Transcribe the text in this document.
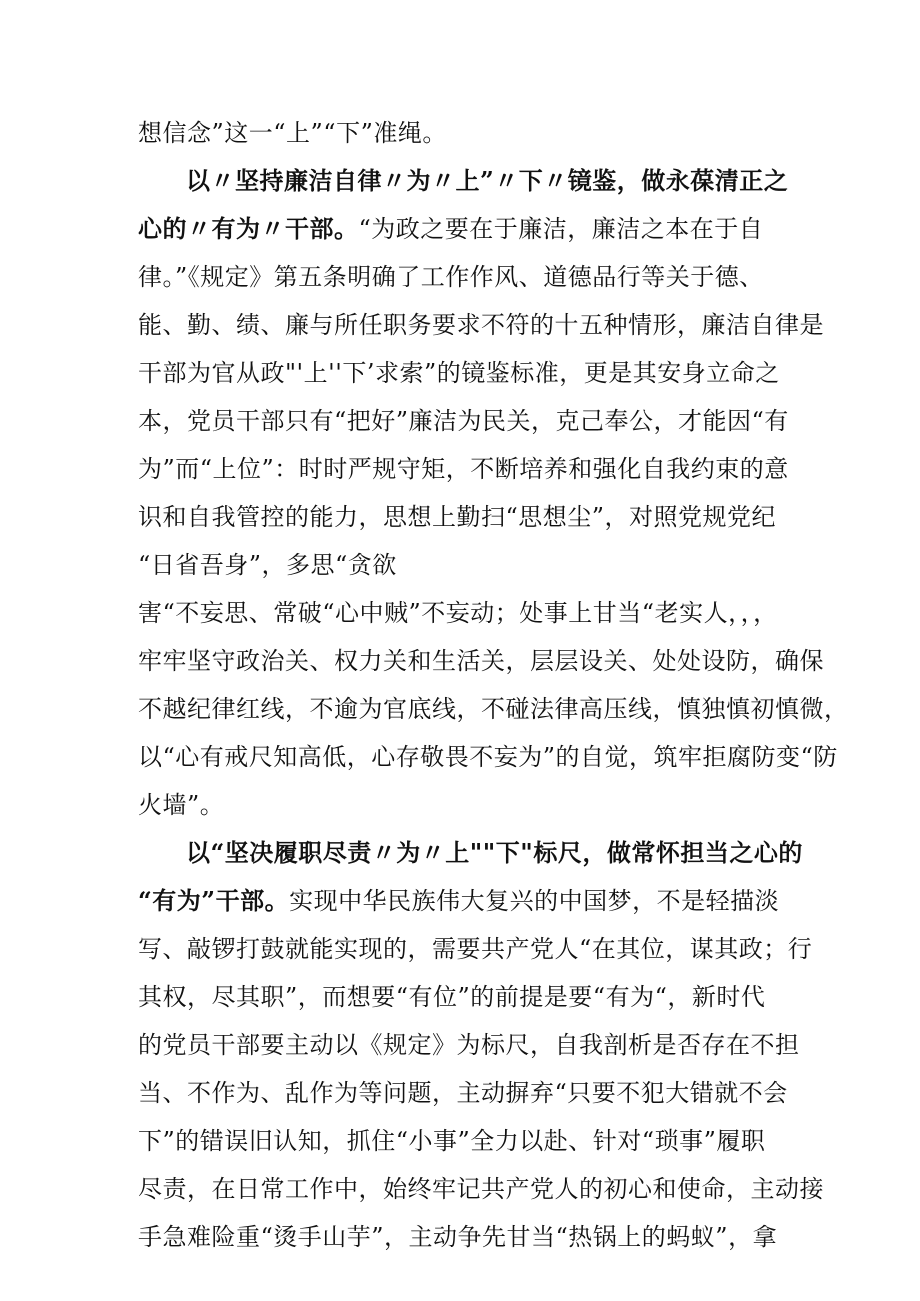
想信念”这一“上”“下”准绳。
以〃坚持廉洁自律〃为〃上”〃下〃镜鉴，做永葆清正之
心的〃有为〃干部。“为政之要在于廉洁，廉洁之本在于自
律。”《规定》第五条明确了工作作风、道德品行等关于德、
能、勤、绩、廉与所任职务要求不符的十五种情形，廉洁自律是
干部为官从政"'上''下’求索”的镜鉴标准，更是其安身立命之
本，党员干部只有“把好”廉洁为民关，克己奉公，才能因“有
为”而“上位”：时时严规守矩，不断培养和强化自我约束的意
识和自我管控的能力，思想上勤扫“思想尘”，对照党规党纪
“日省吾身”，多思“贪欲
害“不妄思、常破“心中贼”不妄动；处事上甘当“老实人，，，
牢牢坚守政治关、权力关和生活关，层层设关、处处设防，确保
不越纪律红线，不逾为官底线，不碰法律高压线，慎独慎初慎微，
以“心有戒尺知高低，心存敬畏不妄为”的自觉，筑牢拒腐防变“防
火墙”。
以“坚决履职尽责〃为〃上""下"标尺，做常怀担当之心的
“有为”干部。实现中华民族伟大复兴的中国梦，不是轻描淡
写、敲锣打鼓就能实现的，需要共产党人“在其位，谋其政；行
其权，尽其职”，而想要“有位”的前提是要“有为“，新时代
的党员干部要主动以《规定》为标尺，自我剖析是否存在不担
当、不作为、乱作为等问题，主动摒弃“只要不犯大错就不会
下”的错误旧认知，抓住“小事”全力以赴、针对“琐事”履职
尽责，在日常工作中，始终牢记共产党人的初心和使命，主动接
手急难险重“烫手山芋”，主动争先甘当“热锅上的蚂蚁”，拿
